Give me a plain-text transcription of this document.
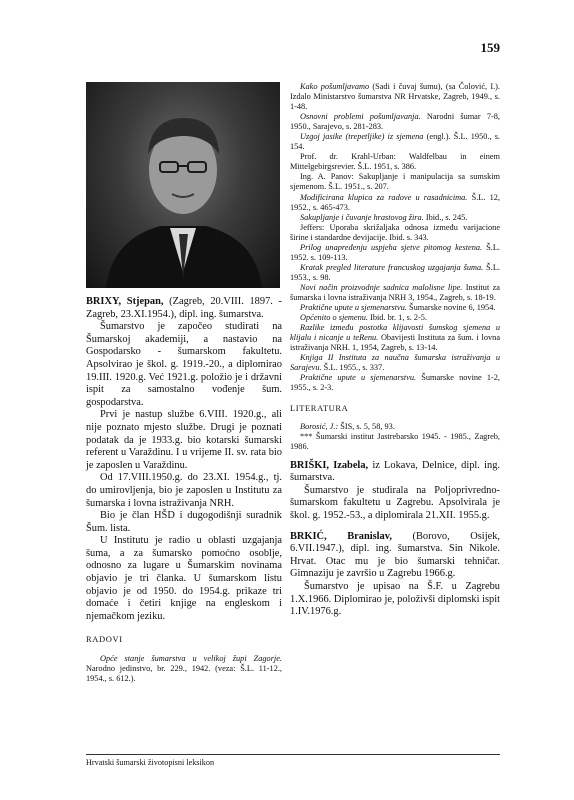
159

BRIXY, Stjepan, (Zagreb, 20.VIII. 1897. - Zagreb, 23.XI.1954.), dipl. ing. šumarstva.

Šumarstvo je započeo studirati na Šumarskoj akademiji, a nastavio na Gospodarsko - šumarskom fakultetu. Apsolvirao je škol. g. 1919.-20., a diplomirao 19.III. 1920.g. Već 1921.g. položio je i državni ispit za samostalno vođenje šum. gospodarstva.

Prvi je nastup službe 6.VIII. 1920.g., ali nije poznato mjesto službe. Drugi je poznati podatak da je 1933.g. bio kotarski šumarski referent u Varaždinu. I u vrijeme II. sv. rata bio je zaposlen u Varaždinu.

Od 17.VIII.1950.g. do 23.XI. 1954.g., tj. do umirovljenja, bio je zaposlen u Institutu za šumarska i lovna istraživanja NRH.

Bio je član HŠD i dugogodišnji suradnik Šum. lista.

U Institutu je radio u oblasti uzgajanja šuma, a za šumarsko pomoćno osoblje, odnosno za lugare u Šumarskim novinama objavio je tri članka. U šumarskom listu objavio je od 1950. do 1954.g. prikaze tri domaće i četiri knjige na engleskom i njemačkom jeziku.

RADOVI

Opće stanje šumarstva u velikoj župi Zagorje. Narodno jedinstvo, br. 229., 1942. (veza: Š.L. 11-12., 1954., s. 612.).

Kako pošumljavamo (Sadi i čuvaj šumu), (sa Čolović, I.). Izdalo Ministarstvo šumarstva NR Hrvatske, Zagreb, 1949., s. 1-48.

Osnovni problemi pošumljavanja. Narodni šumar 7-8, 1950., Sarajevo, s. 281-283.

Uzgoj jasike (trepetljike) iz sjemena (engl.). Š.L. 1950., s. 154.

Prof. dr. Krahl-Urban: Waldfelbau in einem Mittelgebirgsrevier. Š.L. 1951, s. 386.

Ing. A. Panov: Sakupljanje i manipulacija sa sumskim sjemenom. Š.L. 1951., s. 207.

Modificirana klupica za radove u rasadnicima. Š.L. 12, 1952., s. 465-473.

Sakupljanje i čuvanje hrastovog žira. Ibid., s. 245.

Jeffers: Uporaba skrižaljaka odnosa između varijacione širine i standardne devijacije. Ibid. s. 343.

Prilog unapređenju uspjeha sjetve pitomog kestena. Š.L. 1952. s. 109-113.

Kratak pregled literature francuskog uzgajanja šuma. Š.L. 1953., s. 98.

Novi način proizvodnje sadnica malolisne lipe. Institut za šumarska i lovna istraživanja NRH 3, 1954., Zagreb, s. 18-19.

Praktične upute u sjemenarstvu. Šumarske novine 6, 1954.

Općenito o sjemenu. Ibid. br. 1, s. 2-5.

Razlike između postotka klijavosti šumskog sjemena u klijalu i nicanje u teRenu. Obavijesti Instituta za šum. i lovna istraživanja NRH. 1, 1954, Zagreb, s. 13-14.

Knjiga II Instituta za naučna šumarska istraživanja u Sarajevu. Š.L. 1955., s. 337.

Praktične upute u sjemenarstvu. Šumarske novine 1-2, 1955., s. 2-3.

LITERATURA

Borosić, J.: ŠIS, s. 5, 58, 93.

*** Šumarski institut Jastrebarsko 1945. - 1985., Zagreb, 1986.

BRIŠKI, Izabela, iz Lokava, Delnice, dipl. ing. šumarstva.

Šumarstvo je studirala na Poljoprivredno-šumarskom fakultetu u Zagrebu. Apsolvirala je škol. g. 1952.-53., a diplomirala 21.XII. 1955.g.

BRKIĆ, Branislav, (Borovo, Osijek, 6.VII.1947.), dipl. ing. šumarstva. Sin Nikole. Hrvat. Otac mu je bio šumarski tehničar. Gimnaziju je završio u Zagrebu 1966.g.

Šumarstvo je upisao na Š.F. u Zagrebu 1.X.1966. Diplomirao je, položivši diplomski ispit 1.IV.1976.g.

Hrvatski šumarski životopisni leksikon
